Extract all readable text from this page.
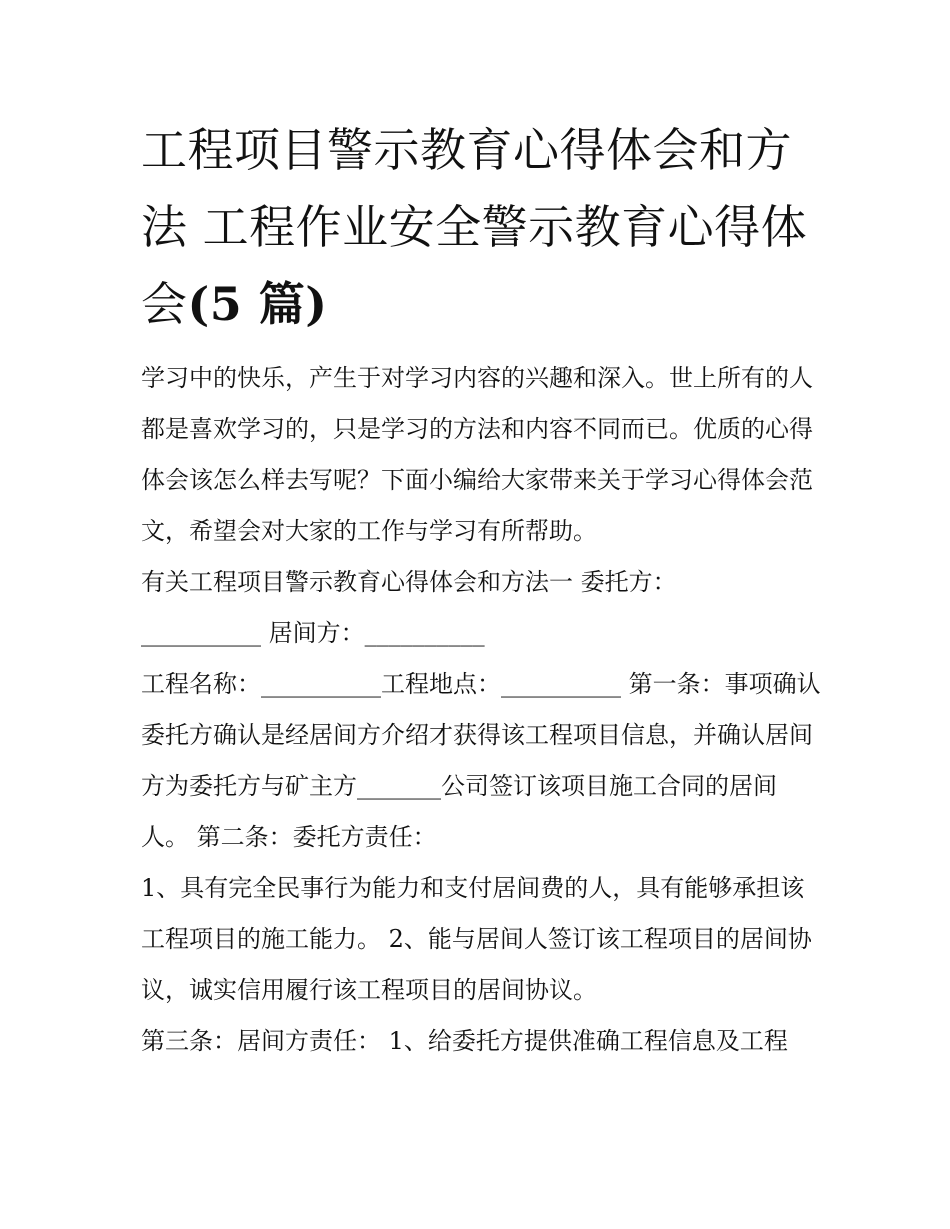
工程项目警示教育心得体会和方法 工程作业安全警示教育心得体会(5 篇)

学习中的快乐，产生于对学习内容的兴趣和深入。世上所有的人都是喜欢学习的，只是学习的方法和内容不同而已。优质的心得体会该怎么样去写呢？下面小编给大家带来关于学习心得体会范文，希望会对大家的工作与学习有所帮助。

有关工程项目警示教育心得体会和方法一 委托方：

__________ 居间方：__________

工程名称：__________工程地点：__________ 第一条：事项确认

委托方确认是经居间方介绍才获得该工程项目信息，并确认居间方为委托方与矿主方_______公司签订该项目施工合同的居间人。 第二条：委托方责任：

1、具有完全民事行为能力和支付居间费的人，具有能够承担该工程项目的施工能力。 2、能与居间人签订该工程项目的居间协议，诚实信用履行该工程项目的居间协议。

第三条：居间方责任： 1、给委托方提供准确工程信息及工程
